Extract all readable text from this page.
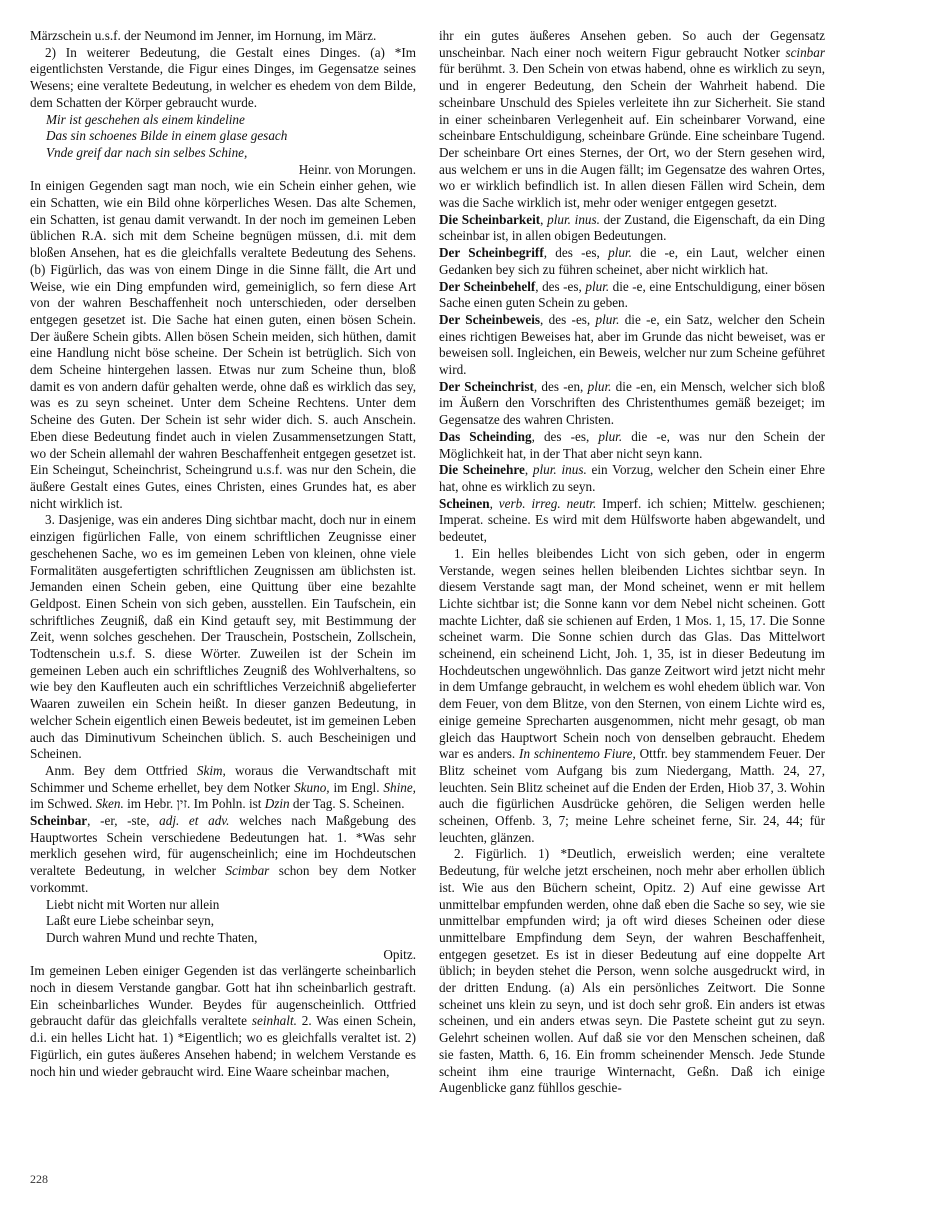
Märzschein u.s.f. der Neumond im Jenner, im Hornung, im März.

2) In weiterer Bedeutung, die Gestalt eines Dinges. (a) *Im eigentlichsten Verstande, die Figur eines Dinges, im Gegensatze seines Wesens; eine veraltete Bedeutung, in welcher es ehedem von dem Bilde, dem Schatten der Körper gebraucht wurde.

Mir ist geschehen als einem kindeline
Das sin schoenes Bilde in einem glase gesach
Vnde greif dar nach sin selbes Schine,

Heinr. von Morungen.

In einigen Gegenden sagt man noch, wie ein Schein einher gehen, wie ein Schatten, wie ein Bild ohne körperliches Wesen. Das alte Schemen, ein Schatten, ist genau damit verwandt. In der noch im gemeinen Leben üblichen R.A. sich mit dem Scheine begnügen müssen, d.i. mit dem bloßen Ansehen, hat es die gleichfalls veraltete Bedeutung des Sehens. (b) Figürlich, das was von einem Dinge in die Sinne fällt, die Art und Weise, wie ein Ding empfunden wird, gemeiniglich, so fern diese Art von der wahren Beschaffenheit noch unterschieden, oder derselben entgegen gesetzet ist. Die Sache hat einen guten, einen bösen Schein. Der äußere Schein gibts. Allen bösen Schein meiden, sich hüthen, damit eine Handlung nicht böse scheine. Der Schein ist betrüglich. Sich von dem Scheine hintergehen lassen. Etwas nur zum Scheine thun, bloß damit es von andern dafür gehalten werde, ohne daß es wirklich das sey, was es zu seyn scheinet. Unter dem Scheine Rechtens. Unter dem Scheine des Guten. Der Schein ist sehr wider dich. S. auch Anschein. Eben diese Bedeutung findet auch in vielen Zusammensetzungen Statt, wo der Schein allemahl der wahren Beschaffenheit entgegen gesetzet ist. Ein Scheingut, Scheinchrist, Scheingrund u.s.f. was nur den Schein, die äußere Gestalt eines Gutes, eines Christen, eines Grundes hat, es aber nicht wirklich ist.

3. Dasjenige, was ein anderes Ding sichtbar macht, doch nur in einem einzigen figürlichen Falle, von einem schriftlichen Zeugnisse einer geschehenen Sache, wo es im gemeinen Leben von kleinen, ohne viele Formalitäten ausgefertigten schriftlichen Zeugnissen am üblichsten ist. Jemanden einen Schein geben, eine Quittung über eine bezahlte Geldpost. Einen Schein von sich geben, ausstellen. Ein Taufschein, ein schriftliches Zeugniß, daß ein Kind getauft sey, mit Bestimmung der Zeit, wenn solches geschehen. Der Trauschein, Postschein, Zollschein, Todtenschein u.s.f. S. diese Wörter. Zuweilen ist der Schein im gemeinen Leben auch ein schriftliches Zeugniß des Wohlverhaltens, so wie bey den Kaufleuten auch ein schriftliches Verzeichniß abgelieferter Waaren zuweilen ein Schein heißt. In dieser ganzen Bedeutung, in welcher Schein eigentlich einen Beweis bedeutet, ist im gemeinen Leben auch das Diminutivum Scheinchen üblich. S. auch Bescheinigen und Scheinen.

Anm. Bey dem Ottfried Skim, woraus die Verwandtschaft mit Schimmer und Scheme erhellet, bey dem Notker Skuno, im Engl. Shine, im Schwed. Sken. im Hebr. זין. Im Pohln. ist Dzin der Tag. S. Scheinen.

Scheinbar, -er, -ste, adj. et adv. welches nach Maßgebung des Hauptwortes Schein verschiedene Bedeutungen hat. 1. *Was sehr merklich gesehen wird, für augenscheinlich; eine im Hochdeutschen veraltete Bedeutung, in welcher Scimbar schon bey dem Notker vorkommt.

Liebt nicht mit Worten nur allein
Laßt eure Liebe scheinbar seyn,
Durch wahren Mund und rechte Thaten,

Opitz.

Im gemeinen Leben einiger Gegenden ist das verlängerte scheinbarlich noch in diesem Verstande gangbar. Gott hat ihn scheinbarlich gestraft. Ein scheinbarliches Wunder. Beydes für augenscheinlich. Ottfried gebraucht dafür das gleichfalls veraltete seinhalt. 2. Was einen Schein, d.i. ein helles Licht hat. 1) *Eigentlich; wo es gleichfalls veraltet ist. 2) Figürlich, ein gutes äußeres Ansehen habend; in welchem Verstande es noch hin und wieder gebraucht wird. Eine Waare scheinbar machen,

ihr ein gutes äußeres Ansehen geben. So auch der Gegensatz unscheinbar. Nach einer noch weitern Figur gebraucht Notker scinbar für berühmt. 3. Den Schein von etwas habend, ohne es wirklich zu seyn, und in engerer Bedeutung, den Schein der Wahrheit habend. Die scheinbare Unschuld des Spieles verleitete ihn zur Sicherheit. Sie stand in einer scheinbaren Verlegenheit auf. Ein scheinbarer Vorwand, eine scheinbare Entschuldigung, scheinbare Gründe. Eine scheinbare Tugend. Der scheinbare Ort eines Sternes, der Ort, wo der Stern gesehen wird, aus welchem er uns in die Augen fällt; im Gegensatze des wahren Ortes, wo er wirklich befindlich ist. In allen diesen Fällen wird Schein, dem was die Sache wirklich ist, mehr oder weniger entgegen gesetzt.

Die Scheinbarkeit, plur. inus. der Zustand, die Eigenschaft, da ein Ding scheinbar ist, in allen obigen Bedeutungen.

Der Scheinbegriff, des -es, plur. die -e, ein Laut, welcher einen Gedanken bey sich zu führen scheinet, aber nicht wirklich hat.

Der Scheinbehelf, des -es, plur. die -e, eine Entschuldigung, einer bösen Sache einen guten Schein zu geben.

Der Scheinbeweis, des -es, plur. die -e, ein Satz, welcher den Schein eines richtigen Beweises hat, aber im Grunde das nicht beweiset, was er beweisen soll. Ingleichen, ein Beweis, welcher nur zum Scheine geführet wird.

Der Scheinchrist, des -en, plur. die -en, ein Mensch, welcher sich bloß im Äußern den Vorschriften des Christenthumes gemäß bezeiget; im Gegensatze des wahren Christen.

Das Scheinding, des -es, plur. die -e, was nur den Schein der Möglichkeit hat, in der That aber nicht seyn kann.

Die Scheinehre, plur. inus. ein Vorzug, welcher den Schein einer Ehre hat, ohne es wirklich zu seyn.

Scheinen, verb. irreg. neutr. Imperf. ich schien; Mittelw. geschienen; Imperat. scheine. Es wird mit dem Hülfsworte haben abgewandelt, und bedeutet,

1. Ein helles bleibendes Licht von sich geben, oder in engerm Verstande, wegen seines hellen bleibenden Lichtes sichtbar seyn. In diesem Verstande sagt man, der Mond scheinet, wenn er mit hellem Lichte sichtbar ist; die Sonne kann vor dem Nebel nicht scheinen. Gott machte Lichter, daß sie schienen auf Erden, 1 Mos. 1, 15, 17. Die Sonne scheinet warm. Die Sonne schien durch das Glas. Das Mittelwort scheinend, ein scheinend Licht, Joh. 1, 35, ist in dieser Bedeutung im Hochdeutschen ungewöhnlich. Das ganze Zeitwort wird jetzt nicht mehr in dem Umfange gebraucht, in welchem es wohl ehedem üblich war. Von dem Feuer, von dem Blitze, von den Sternen, von einem Lichte wird es, einige gemeine Sprecharten ausgenommen, nicht mehr gesagt, ob man gleich das Hauptwort Schein noch von denselben gebraucht. Ehedem war es anders. In schinentemo Fiure, Ottfr. bey stammendem Feuer. Der Blitz scheinet vom Aufgang bis zum Niedergang, Matth. 24, 27, leuchten. Sein Blitz scheinet auf die Enden der Erden, Hiob 37, 3. Wohin auch die figürlichen Ausdrücke gehören, die Seligen werden helle scheinen, Offenb. 3, 7; meine Lehre scheinet ferne, Sir. 24, 44; für leuchten, glänzen.

2. Figürlich. 1) *Deutlich, erweislich werden; eine veraltete Bedeutung, für welche jetzt erscheinen, noch mehr aber erhollen üblich ist. Wie aus den Büchern scheint, Opitz. 2) Auf eine gewisse Art unmittelbar empfunden werden, ohne daß eben die Sache so sey, wie sie unmittelbar empfunden wird; ja oft wird dieses Scheinen oder diese unmittelbare Empfindung dem Seyn, der wahren Beschaffenheit, entgegen gesetzet. Es ist in dieser Bedeutung auf eine doppelte Art üblich; in beyden stehet die Person, wenn solche ausgedruckt wird, in der dritten Endung. (a) Als ein persönliches Zeitwort. Die Sonne scheinet uns klein zu seyn, und ist doch sehr groß. Ein anders ist etwas scheinen, und ein anders etwas seyn. Die Pastete scheint gut zu seyn. Gelehrt scheinen wollen. Auf daß sie vor den Menschen scheinen, daß sie fasten, Matth. 6, 16. Ein fromm scheinender Mensch. Jede Stunde scheint ihm eine traurige Winternacht, Geßn. Daß ich einige Augenblicke ganz fühllos geschie-

228
